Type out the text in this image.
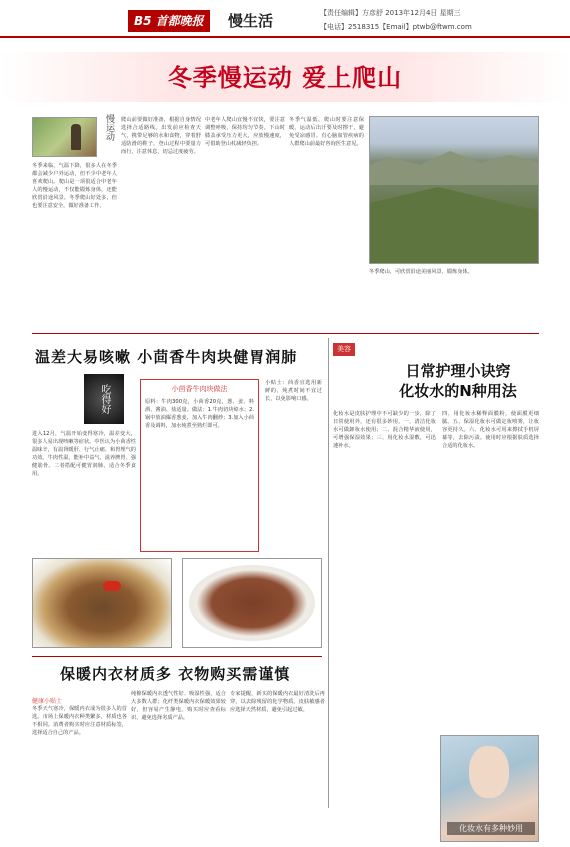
B5 首都晚报	慢生活	【责任编辑】方彦舒 2013年12月4日 星期三
【电话】2518315【Email】ptwb@ftwm.com
冬季慢运动 爱上爬山
慢运动
冬季来临，气温下降，很多人在冬季都会减少户外运动，但不少中老年人喜欢爬山。爬山是一项很适合中老年人的慢运动，不仅能锻炼身体，还能欣赏沿途风景。冬季爬山好处多，但也要注意安全，做好准备工作。
爬山前要做好准备，根据自身情况选择合适路线。出发前应检查天气，携带足够的水和食物，穿着舒适防滑的鞋子。登山过程中要量力而行，注意休息，切忌过度疲劳。
中老年人爬山宜慢不宜快，要注意调整呼吸，保持均匀节奏。下山时膝盖承受压力更大，应放慢速度，可借助登山杖减轻负担。
冬季气温低，爬山时要注意保暖，运动后出汗要及时擦干，避免受凉感冒。有心脑血管疾病的人群爬山前最好咨询医生意见。
冬季爬山，可欣赏沿途美丽风景，锻炼身体。
温差大易咳嗽 小茴香牛肉块健胃润肺
吃得好
进入12月，气温开始变得寒冷，温差变大，很多人易出现咳嗽等症状。中医认为小茴香性温味辛，有温肾暖肝、行气止痛、和胃理气的功效。牛肉性温，能补中益气、滋养脾胃、强健筋骨。二者搭配可健胃润肺，适合冬季食用。
小茴香牛肉块做法
原料：牛肉300克，小茴香20克，葱、姜、料酒、酱油、盐适量。做法：1.牛肉切块焯水；2.锅中放油爆香葱姜，加入牛肉翻炒；3.加入小茴香及调料，加水炖煮至熟烂即可。
小贴士：茴香宜选用新鲜的，炖煮时间不宜过长，以免影响口感。
美容
日常护理小诀窍
化妆水的N种用法
化妆水是皮肤护理中不可缺少的一步，除了日常使用外，还有很多妙用。一、清洁化妆水可做卸妆水使用；二、混合精华液使用，可增强保湿效果；三、用化妆水湿敷，可迅速补水。
四、用化妆水稀释面膜粉，使面膜更细腻。五、保湿化妆水可做定妆喷雾，让妆容更持久。六、化妆水可用来擦拭手机屏幕等，去除污渍。使用时应根据肤质选择合适的化妆水。
化妆水有多种妙用
保暖内衣材质多 衣物购买需谨慎
健康小贴士
冬季天气寒冷，保暖内衣成为很多人的首选。市场上保暖内衣种类繁多，材质也各不相同。消费者购买时应注意材质标签，选择适合自己的产品。
纯棉保暖内衣透气性好、吸湿性强，适合大多数人群；化纤类保暖内衣保暖效果较好，但容易产生静电。购买时应查看标识，避免选择劣质产品。
专家提醒，新买的保暖内衣最好清洗后再穿，以去除残留的化学物质。皮肤敏感者应选择天然材质，避免引起过敏。
